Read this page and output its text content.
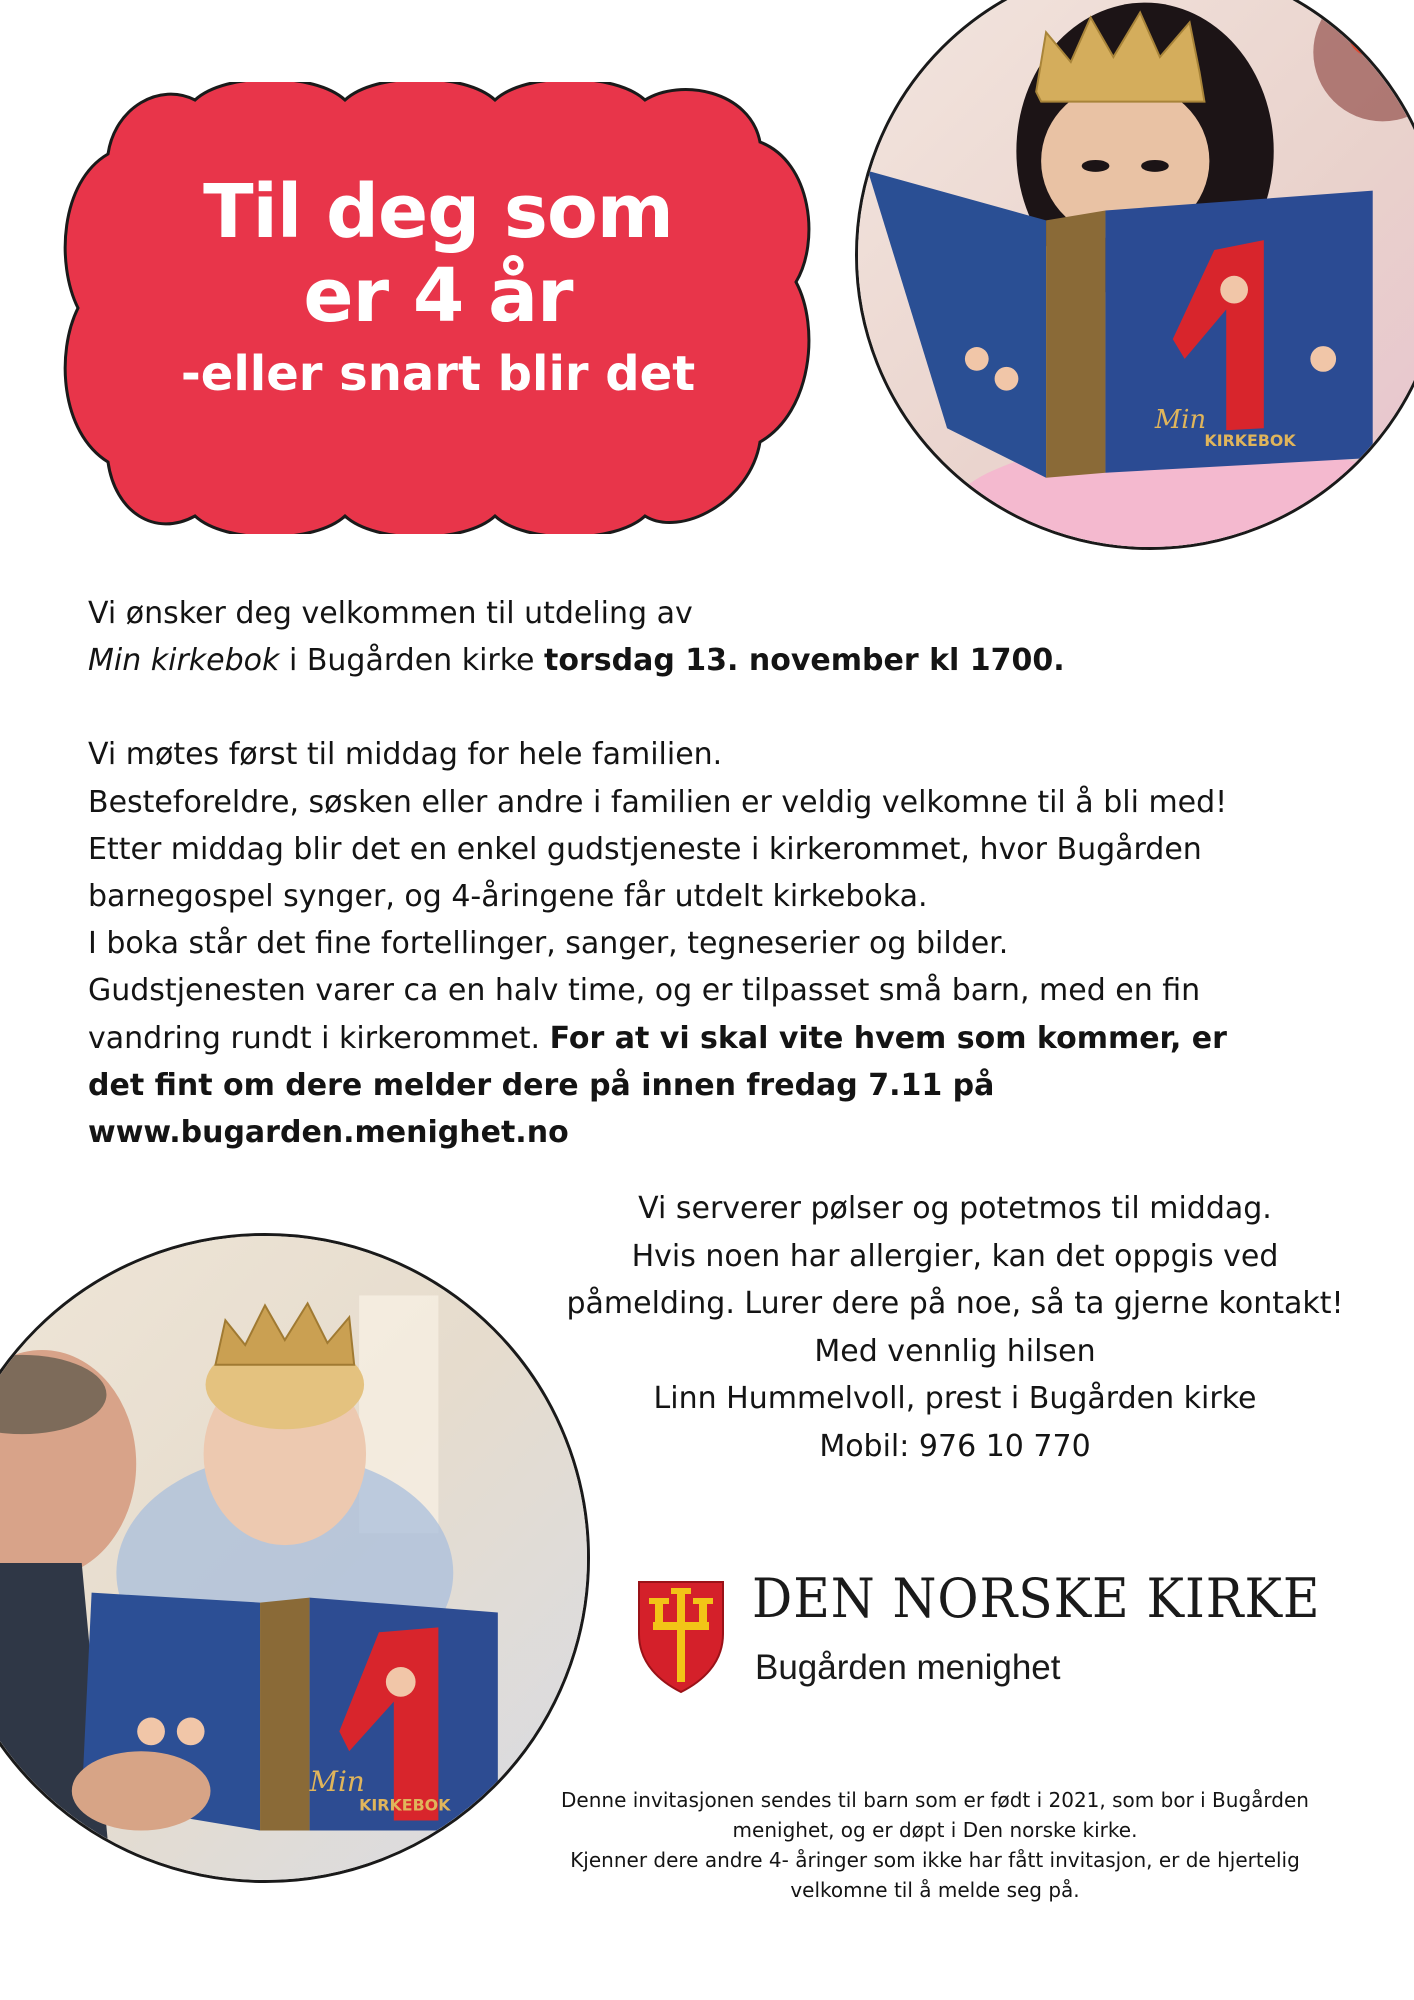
Til deg som
er 4 år
-eller snart blir det
Min
KIRKEBOK

Vi ønsker deg velkommen til utdeling av

Min kirkebok i Bugården kirke torsdag 13. november kl 1700.

Vi møtes først til middag for hele familien.

Besteforeldre, søsken eller andre i familien er veldig velkomne til å bli med!

Etter middag blir det en enkel gudstjeneste i kirkerommet, hvor Bugården

barnegospel synger, og 4-åringene får utdelt kirkeboka.

I boka står det fine fortellinger, sanger, tegneserier og bilder.

Gudstjenesten varer ca en halv time, og er tilpasset små barn, med en fin

vandring rundt i kirkerommet. For at vi skal vite hvem som kommer, er

det fint om dere melder dere på innen fredag 7.11 på

www.bugarden.menighet.no

Vi serverer pølser og potetmos til middag.

Hvis noen har allergier, kan det oppgis ved

påmelding. Lurer dere på noe, så ta gjerne kontakt!

Med vennlig hilsen

Linn Hummelvoll, prest i Bugården kirke

Mobil: 976 10 770

Min
KIRKEBOK
DEN NORSKE KIRKE
Bugården menighet

Denne invitasjonen sendes til barn som er født i 2021, som bor i Bugården

menighet, og er døpt i Den norske kirke.

Kjenner dere andre 4- åringer som ikke har fått invitasjon, er de hjertelig

velkomne til å melde seg på.
